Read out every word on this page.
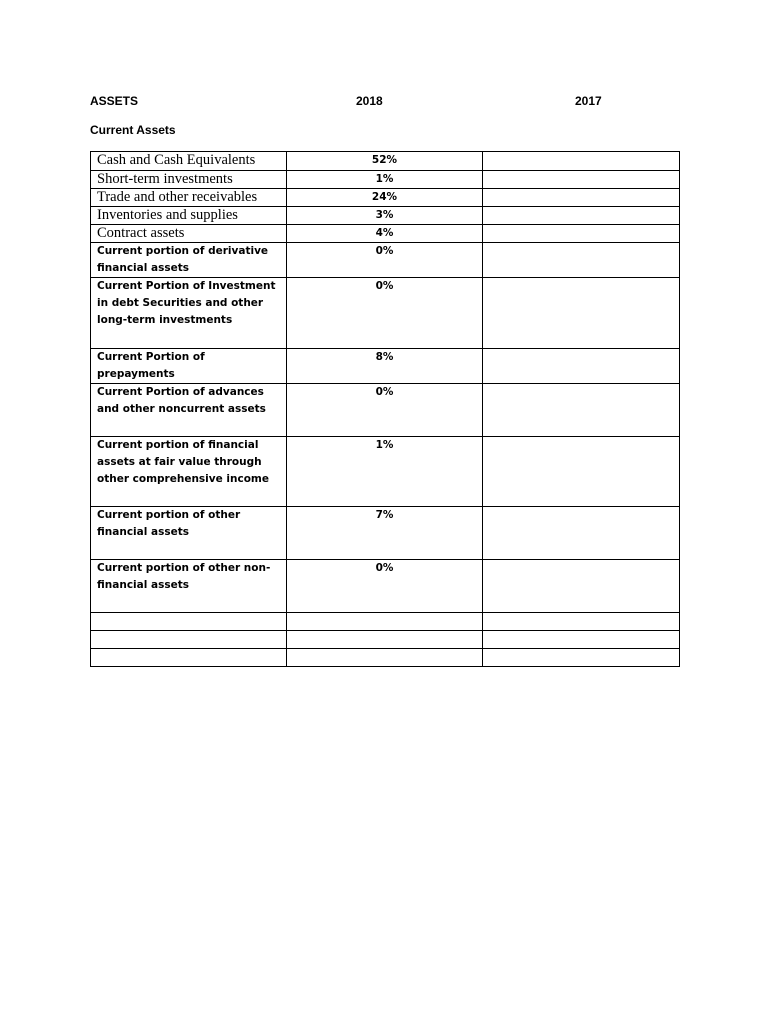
ASSETS	2018	2017
Current Assets
Cash and Cash Equivalents	52%	
Short-term investments	1%	
Trade and other receivables	24%	
Inventories and supplies	3%	
Contract assets	4%	
Current portion of derivative financial assets	0%	
Current Portion of Investment in debt Securities and other long-term investments	0%	
Current Portion of prepayments	8%	
Current Portion of advances and other noncurrent assets	0%	
Current portion of financial assets at fair value through other comprehensive income	1%	
Current portion of other financial assets	7%	
Current portion of other non-financial assets	0%	
